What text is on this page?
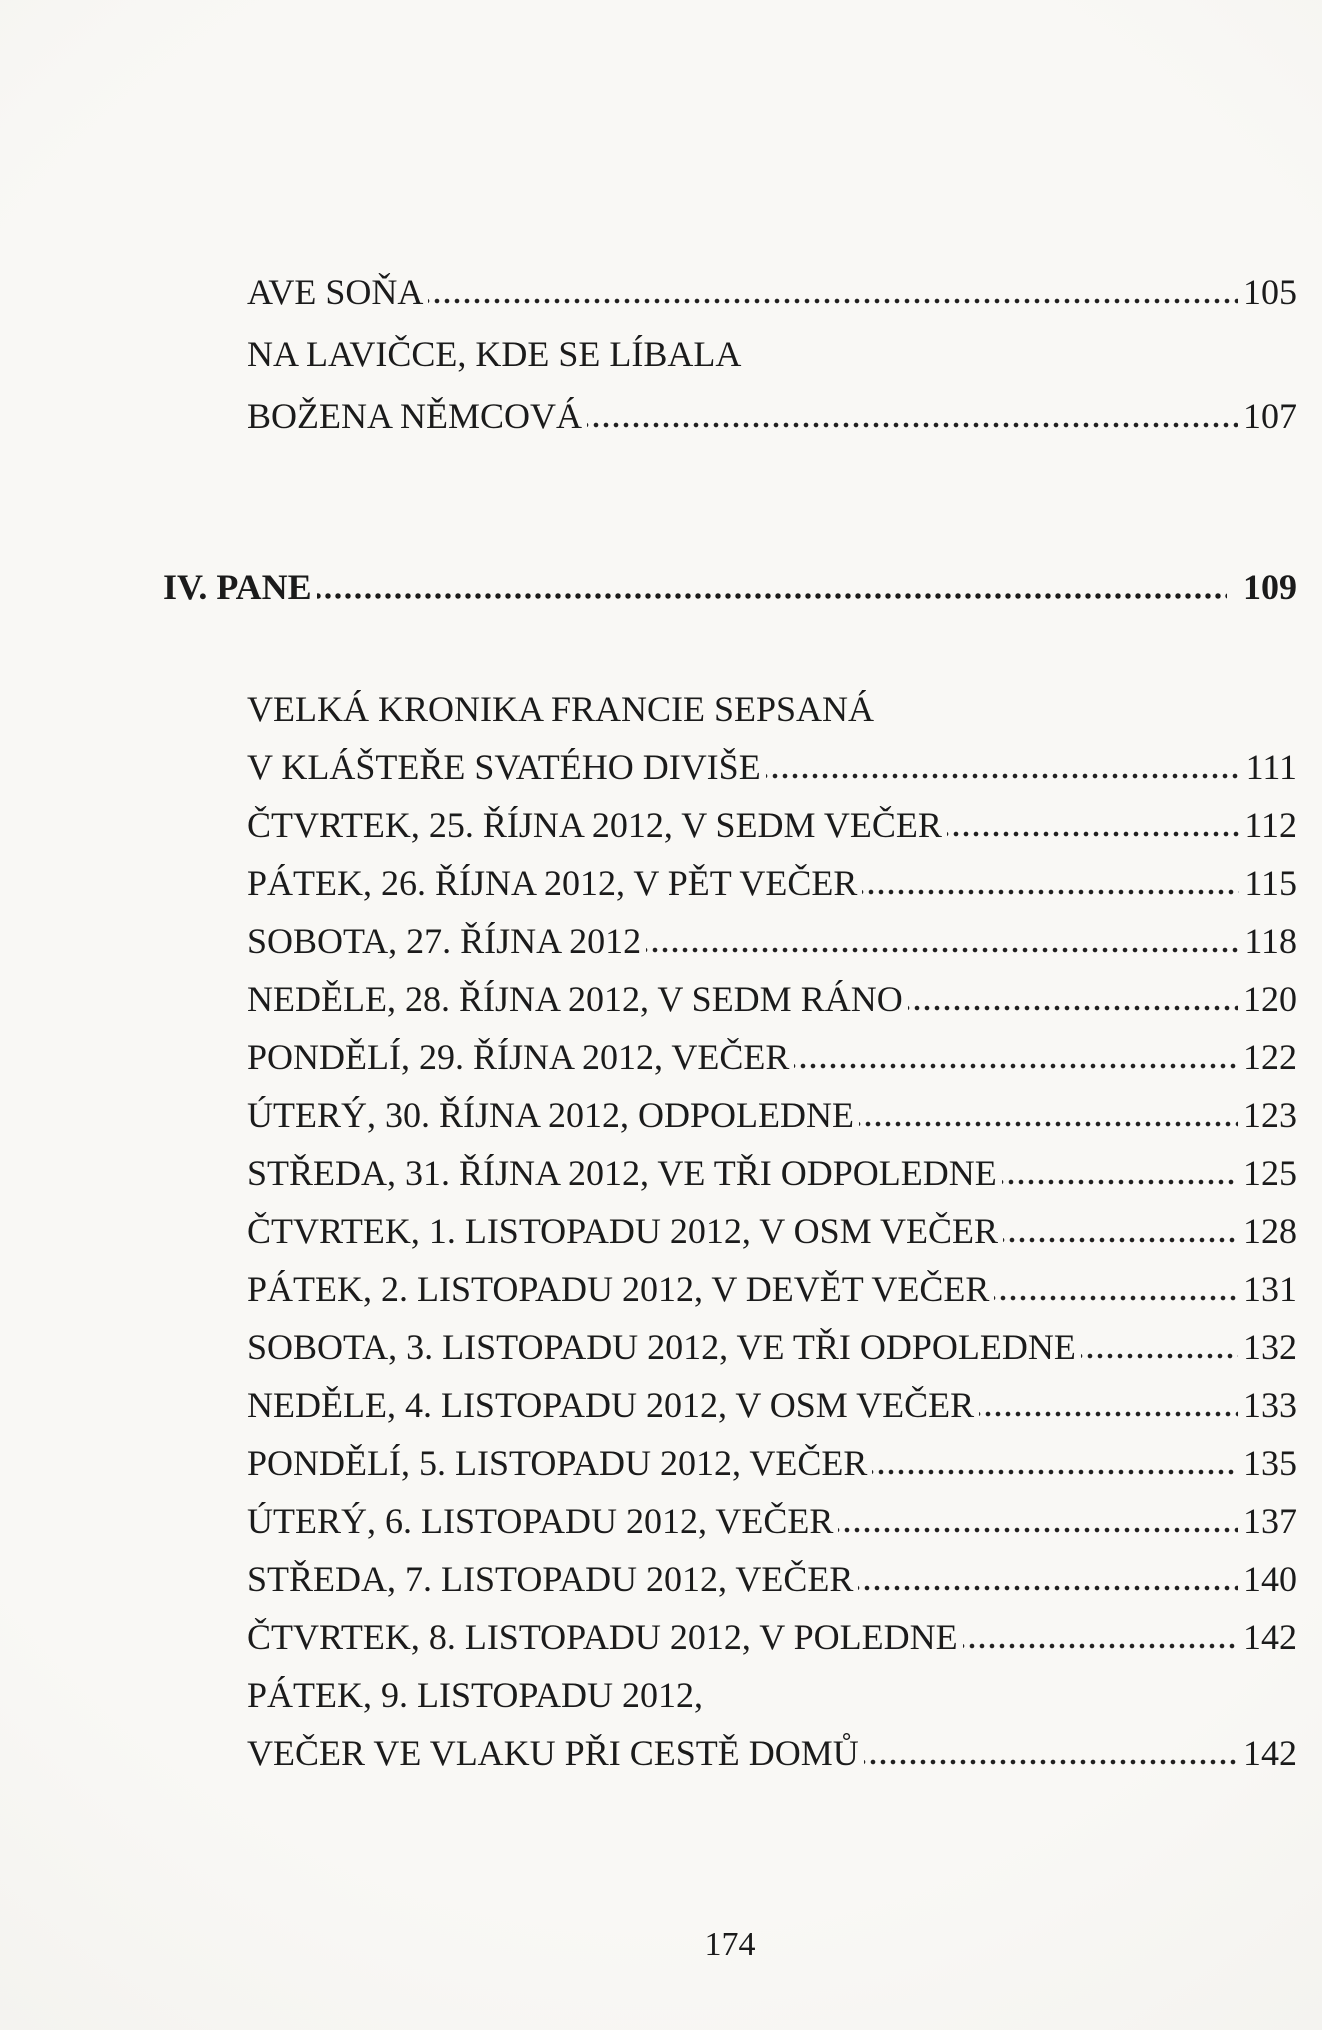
AVE SOŇA	105
NA LAVIČCE, KDE SE LÍBALA
BOŽENA NĚMCOVÁ	107
IV. PANE	109
VELKÁ KRONIKA FRANCIE SEPSANÁ
V KLÁŠTEŘE SVATÉHO DIVIŠE	111
ČTVRTEK, 25. ŘÍJNA 2012, V SEDM VEČER	112
PÁTEK, 26. ŘÍJNA 2012, V PĚT VEČER	115
SOBOTA, 27. ŘÍJNA 2012	118
NEDĚLE, 28. ŘÍJNA 2012, V SEDM RÁNO	120
PONDĚLÍ, 29. ŘÍJNA 2012, VEČER	122
ÚTERÝ, 30. ŘÍJNA 2012, ODPOLEDNE	123
STŘEDA, 31. ŘÍJNA 2012, VE TŘI ODPOLEDNE	125
ČTVRTEK, 1. LISTOPADU 2012, V OSM VEČER	128
PÁTEK, 2. LISTOPADU 2012, V DEVĚT VEČER	131
SOBOTA, 3. LISTOPADU 2012, VE TŘI ODPOLEDNE	132
NEDĚLE, 4. LISTOPADU 2012, V OSM VEČER	133
PONDĚLÍ, 5. LISTOPADU 2012, VEČER	135
ÚTERÝ, 6. LISTOPADU 2012, VEČER	137
STŘEDA, 7. LISTOPADU 2012, VEČER	140
ČTVRTEK, 8. LISTOPADU 2012, V POLEDNE	142
PÁTEK, 9. LISTOPADU 2012,
VEČER VE VLAKU PŘI CESTĚ DOMŮ	142
174
